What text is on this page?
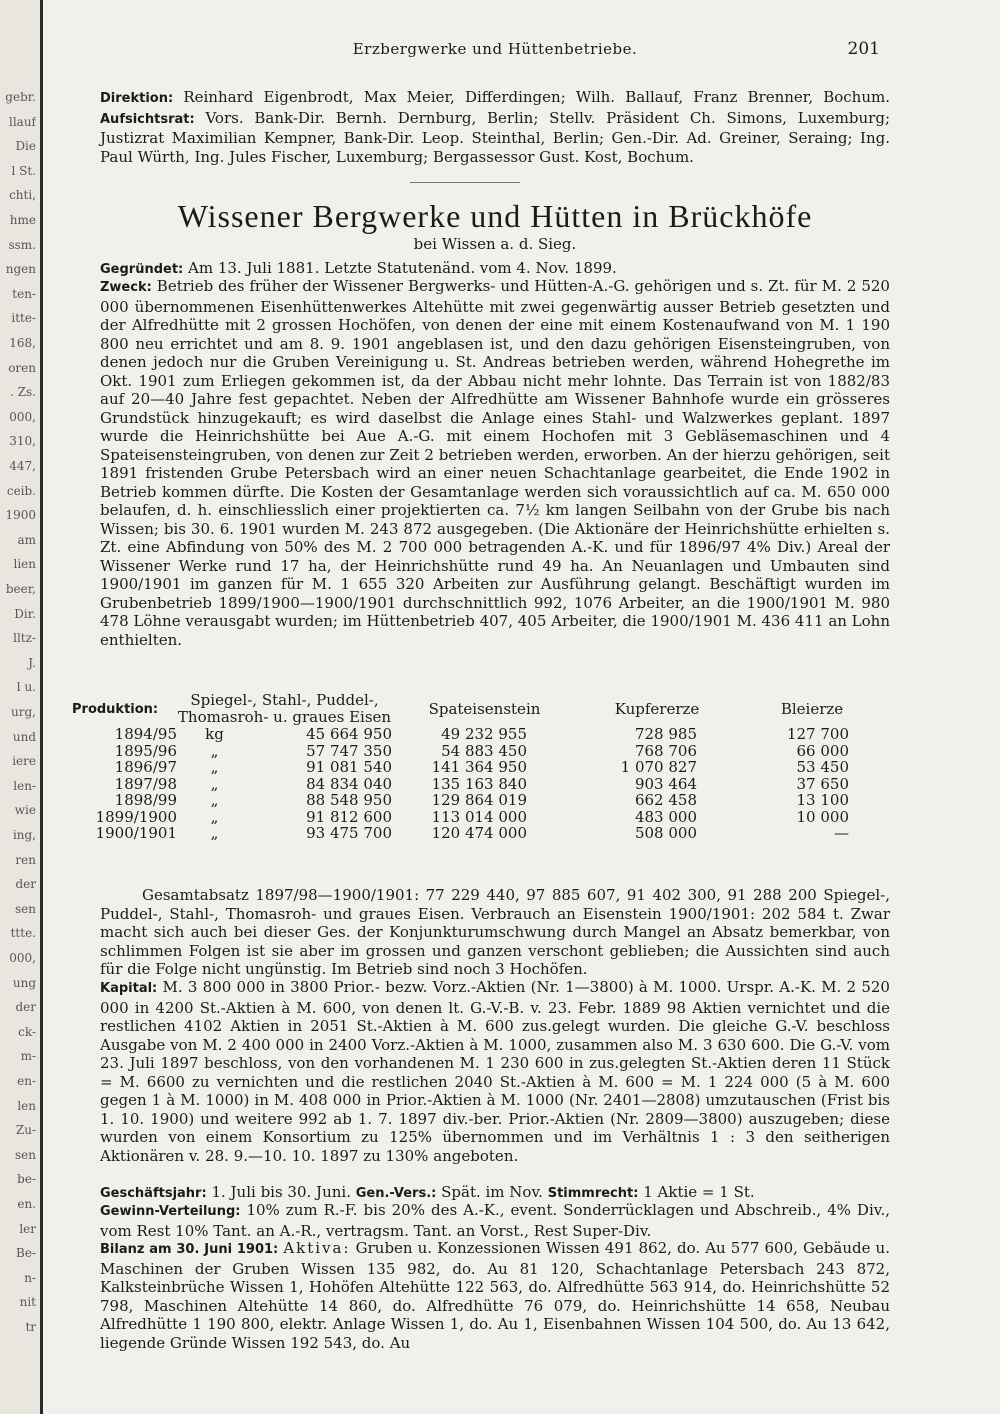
gebr.
llauf
Die
l St.
chti,
hme
ssm.
ngen
ten-
itte-
168,
oren
. Zs.
000,
310,
447,
ceib.
1900
am
lien
beer,
Dir.
lltz-
J.
l u.
urg,
und
iere
len-
wie
ing,
ren
der
sen
ttte.
000,
ung
der
ck-
m-
en-
len
Zu-
sen
be-
en.
ler
Be-
n-
nit
tr
Erzbergwerke und Hüttenbetriebe.	201

Direktion: Reinhard Eigenbrodt, Max Meier, Differdingen; Wilh. Ballauf, Franz Brenner, Bochum. Aufsichtsrat: Vors. Bank-Dir. Bernh. Dernburg, Berlin; Stellv. Präsident Ch. Simons, Luxemburg; Justizrat Maximilian Kempner, Bank-Dir. Leop. Steinthal, Berlin; Gen.-Dir. Ad. Greiner, Seraing; Ing. Paul Würth, Ing. Jules Fischer, Luxemburg; Bergassessor Gust. Kost, Bochum.

Wissener Bergwerke und Hütten in Brückhöfe
bei Wissen a. d. Sieg.

Gegründet: Am 13. Juli 1881. Letzte Statutenänd. vom 4. Nov. 1899.

Zweck: Betrieb des früher der Wissener Bergwerks- und Hütten-A.-G. gehörigen und s. Zt. für M. 2 520 000 übernommenen Eisenhüttenwerkes Altehütte mit zwei gegenwärtig ausser Betrieb gesetzten und der Alfredhütte mit 2 grossen Hochöfen, von denen der eine mit einem Kostenaufwand von M. 1 190 800 neu errichtet und am 8. 9. 1901 angeblasen ist, und den dazu gehörigen Eisensteingruben, von denen jedoch nur die Gruben Vereinigung u. St. Andreas betrieben werden, während Hohegrethe im Okt. 1901 zum Erliegen gekommen ist, da der Abbau nicht mehr lohnte. Das Terrain ist von 1882/83 auf 20—40 Jahre fest gepachtet. Neben der Alfredhütte am Wissener Bahnhofe wurde ein grösseres Grundstück hinzugekauft; es wird daselbst die Anlage eines Stahl- und Walzwerkes geplant. 1897 wurde die Heinrichshütte bei Aue A.-G. mit einem Hochofen mit 3 Gebläsemaschinen und 4 Spateisensteingruben, von denen zur Zeit 2 betrieben werden, erworben. An der hierzu gehörigen, seit 1891 fristenden Grube Petersbach wird an einer neuen Schachtanlage gearbeitet, die Ende 1902 in Betrieb kommen dürfte. Die Kosten der Gesamtanlage werden sich voraussichtlich auf ca. M. 650 000 belaufen, d. h. einschliesslich einer projektierten ca. 7½ km langen Seilbahn von der Grube bis nach Wissen; bis 30. 6. 1901 wurden M. 243 872 ausgegeben. (Die Aktionäre der Heinrichshütte erhielten s. Zt. eine Abfindung von 50% des M. 2 700 000 betragenden A.-K. und für 1896/97 4% Div.) Areal der Wissener Werke rund 17 ha, der Heinrichshütte rund 49 ha. An Neuanlagen und Umbauten sind 1900/1901 im ganzen für M. 1 655 320 Arbeiten zur Ausführung gelangt. Beschäftigt wurden im Grubenbetrieb 1899/1900—1900/1901 durchschnittlich 992, 1076 Arbeiter, an die 1900/1901 M. 980 478 Löhne verausgabt wurden; im Hüttenbetrieb 407, 405 Arbeiter, die 1900/1901 M. 436 411 an Lohn enthielten.

Produktion:	Spiegel-, Stahl-, Puddel-, Thomasroh- u. graues Eisen			Spateisenstein	Kupfererze	Bleierze
1894/95	kg		45 664 950	49 232 955	728 985	127 700
1895/96	„		57 747 350	54 883 450	768 706	66 000
1896/97	„		91 081 540	141 364 950	1 070 827	53 450
1897/98	„		84 834 040	135 163 840	903 464	37 650
1898/99	„		88 548 950	129 864 019	662 458	13 100
1899/1900	„		91 812 600	113 014 000	483 000	10 000
1900/1901	„		93 475 700	120 474 000	508 000	—

Gesamtabsatz 1897/98—1900/1901: 77 229 440, 97 885 607, 91 402 300, 91 288 200 Spiegel-, Puddel-, Stahl-, Thomasroh- und graues Eisen. Verbrauch an Eisenstein 1900/1901: 202 584 t. Zwar macht sich auch bei dieser Ges. der Konjunkturumschwung durch Mangel an Absatz bemerkbar, von schlimmen Folgen ist sie aber im grossen und ganzen verschont geblieben; die Aussichten sind auch für die Folge nicht ungünstig. Im Betrieb sind noch 3 Hochöfen.

Kapital: M. 3 800 000 in 3800 Prior.- bezw. Vorz.-Aktien (Nr. 1—3800) à M. 1000. Urspr. A.-K. M. 2 520 000 in 4200 St.-Aktien à M. 600, von denen lt. G.-V.-B. v. 23. Febr. 1889 98 Aktien vernichtet und die restlichen 4102 Aktien in 2051 St.-Aktien à M. 600 zus.gelegt wurden. Die gleiche G.-V. beschloss Ausgabe von M. 2 400 000 in 2400 Vorz.-Aktien à M. 1000, zusammen also M. 3 630 600. Die G.-V. vom 23. Juli 1897 beschloss, von den vorhandenen M. 1 230 600 in zus.gelegten St.-Aktien deren 11 Stück = M. 6600 zu vernichten und die restlichen 2040 St.-Aktien à M. 600 = M. 1 224 000 (5 à M. 600 gegen 1 à M. 1000) in M. 408 000 in Prior.-Aktien à M. 1000 (Nr. 2401—2808) umzutauschen (Frist bis 1. 10. 1900) und weitere 992 ab 1. 7. 1897 div.-ber. Prior.-Aktien (Nr. 2809—3800) auszugeben; diese wurden von einem Konsortium zu 125% übernommen und im Verhältnis 1 : 3 den seitherigen Aktionären v. 28. 9.—10. 10. 1897 zu 130% angeboten.

Geschäftsjahr: 1. Juli bis 30. Juni. Gen.-Vers.: Spät. im Nov. Stimmrecht: 1 Aktie = 1 St.

Gewinn-Verteilung: 10% zum R.-F. bis 20% des A.-K., event. Sonderrücklagen und Abschreib., 4% Div., vom Rest 10% Tant. an A.-R., vertragsm. Tant. an Vorst., Rest Super-Div.

Bilanz am 30. Juni 1901: Aktiva: Gruben u. Konzessionen Wissen 491 862, do. Au 577 600, Gebäude u. Maschinen der Gruben Wissen 135 982, do. Au 81 120, Schachtanlage Petersbach 243 872, Kalksteinbrüche Wissen 1, Hohöfen Altehütte 122 563, do. Alfredhütte 563 914, do. Heinrichshütte 52 798, Maschinen Altehütte 14 860, do. Alfredhütte 76 079, do. Heinrichshütte 14 658, Neubau Alfredhütte 1 190 800, elektr. Anlage Wissen 1, do. Au 1, Eisenbahnen Wissen 104 500, do. Au 13 642, liegende Gründe Wissen 192 543, do. Au
